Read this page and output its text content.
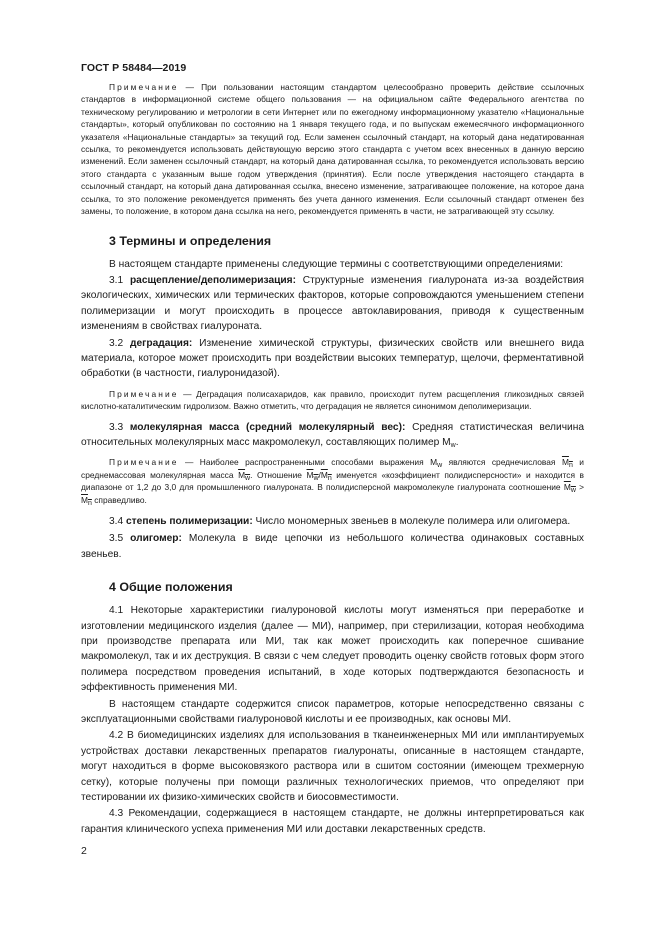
ГОСТ Р 58484—2019

Примечание — При пользовании настоящим стандартом целесообразно проверить действие ссылочных стандартов в информационной системе общего пользования — на официальном сайте Федерального агентства по техническому регулированию и метрологии в сети Интернет или по ежегодному информационному указателю «Национальные стандарты», который опубликован по состоянию на 1 января текущего года, и по выпускам ежемесячного информационного указателя «Национальные стандарты» за текущий год. Если заменен ссылочный стандарт, на который дана недатированная ссылка, то рекомендуется использовать действующую версию этого стандарта с учетом всех внесенных в данную версию изменений. Если заменен ссылочный стандарт, на который дана датированная ссылка, то рекомендуется использовать версию этого стандарта с указанным выше годом утверждения (принятия). Если после утверждения настоящего стандарта в ссылочный стандарт, на который дана датированная ссылка, внесено изменение, затрагивающее положение, на которое дана ссылка, то это положение рекомендуется применять без учета данного изменения. Если ссылочный стандарт отменен без замены, то положение, в котором дана ссылка на него, рекомендуется применять в части, не затрагивающей эту ссылку.

3 Термины и определения

В настоящем стандарте применены следующие термины с соответствующими определениями:

3.1 расщепление/деполимеризация: Структурные изменения гиалуроната из-за воздействия экологических, химических или термических факторов, которые сопровождаются уменьшением степени полимеризации и могут происходить в процессе автоклавирования, приводя к существенным изменениям в свойствах гиалуроната.

3.2 деградация: Изменение химической структуры, физических свойств или внешнего вида материала, которое может происходить при воздействии высоких температур, щелочи, ферментативной обработки (в частности, гиалуронидазой).

Примечание — Деградация полисахаридов, как правило, происходит путем расщепления гликозидных связей кислотно-каталитическим гидролизом. Важно отметить, что деградация не является синонимом деполимеризации.

3.3 молекулярная масса (средний молекулярный вес): Средняя статистическая величина относительных молекулярных масс макромолекул, составляющих полимер $M_w$.

Примечание — Наиболее распространенными способами выражения $M_w$ являются среднечисловая $M_n$ и среднемассовая молекулярная масса $M_w$. Отношение $M_w/M_n$ именуется «коэффициент полидисперсности» и находится в диапазоне от 1,2 до 3,0 для промышленного гиалуроната. В полидисперсной макромолекуле гиалуроната соотношение $M_w > M_n$ справедливо.

3.4 степень полимеризации: Число мономерных звеньев в молекуле полимера или олигомера.

3.5 олигомер: Молекула в виде цепочки из небольшого количества одинаковых составных звеньев.

4 Общие положения

4.1 Некоторые характеристики гиалуроновой кислоты могут изменяться при переработке и изготовлении медицинского изделия (далее — МИ), например, при стерилизации, которая необходима при производстве препарата или МИ, так как может происходить как поперечное сшивание макромолекул, так и их деструкция. В связи с чем следует проводить оценку свойств готовых форм этого полимера посредством проведения испытаний, в ходе которых подтверждаются безопасность и эффективность применения МИ.

В настоящем стандарте содержится список параметров, которые непосредственно связаны с эксплуатационными свойствами гиалуроновой кислоты и ее производных, как основы МИ.

4.2 В биомедицинских изделиях для использования в тканеинженерных МИ или имплантируемых устройствах доставки лекарственных препаратов гиалуронаты, описанные в настоящем стандарте, могут находиться в форме высоковязкого раствора или в сшитом состоянии (имеющем трехмерную сетку), которые получены при помощи различных технологических приемов, что определяют при тестировании их физико-химических свойств и биосовместимости.

4.3 Рекомендации, содержащиеся в настоящем стандарте, не должны интерпретироваться как гарантия клинического успеха применения МИ или доставки лекарственных средств.

2
